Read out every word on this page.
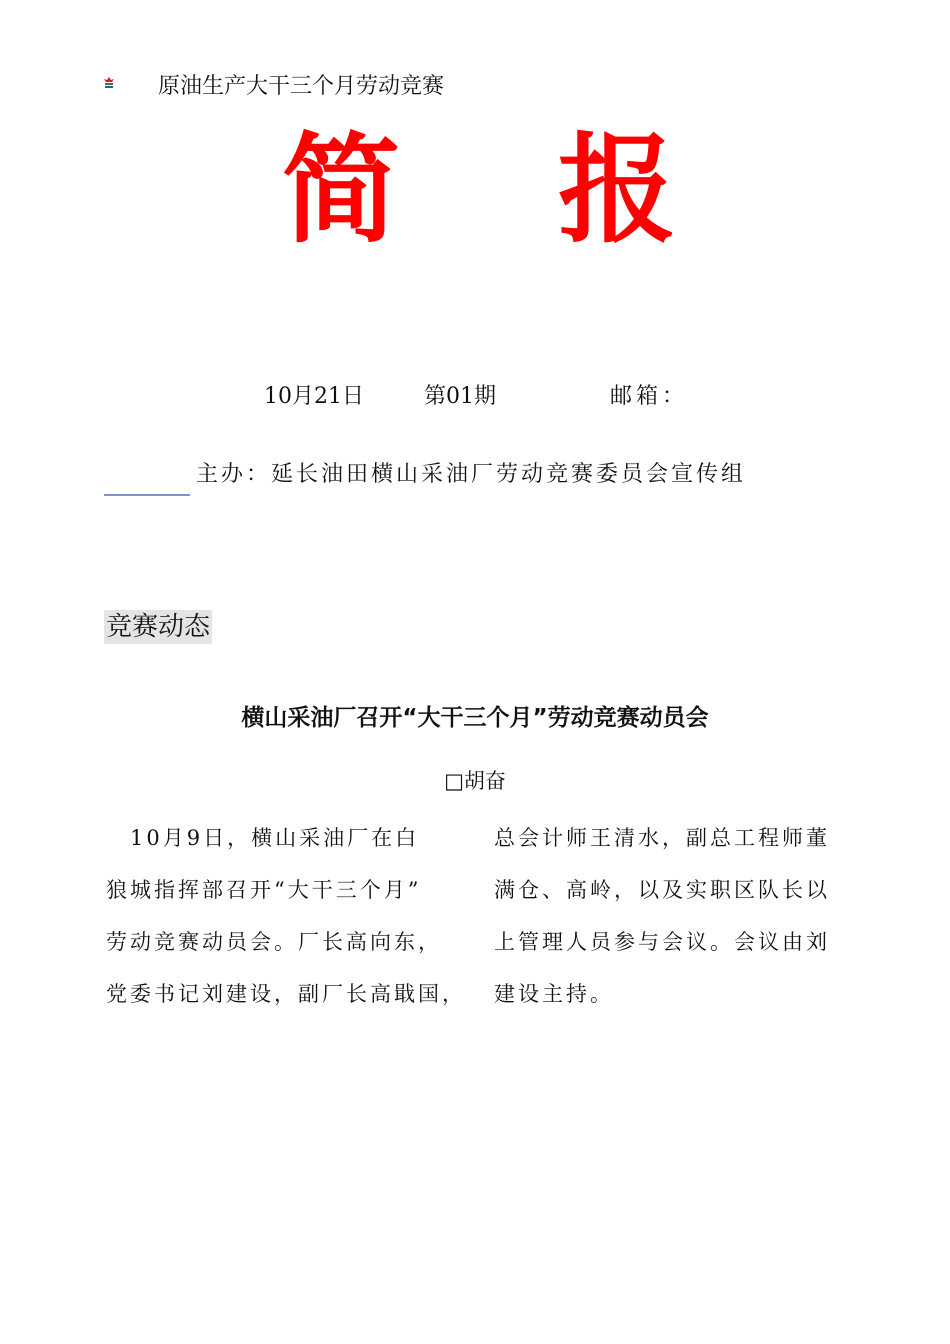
原油生产大干三个月劳动竞赛
简 报
10月21日	第01期	邮箱：
主办：延长油田横山采油厂劳动竞赛委员会宣传组
竞赛动态
横山采油厂召开“大干三个月”劳动竞赛动员会
□胡奋
　10月9日，横山采油厂在白
狼城指挥部召开“大干三个月”
劳动竞赛动员会。厂长高向东，
党委书记刘建设，副厂长高戢国，
总会计师王清水，副总工程师董
满仓、高岭，以及实职区队长以
上管理人员参与会议。会议由刘
建设主持。
